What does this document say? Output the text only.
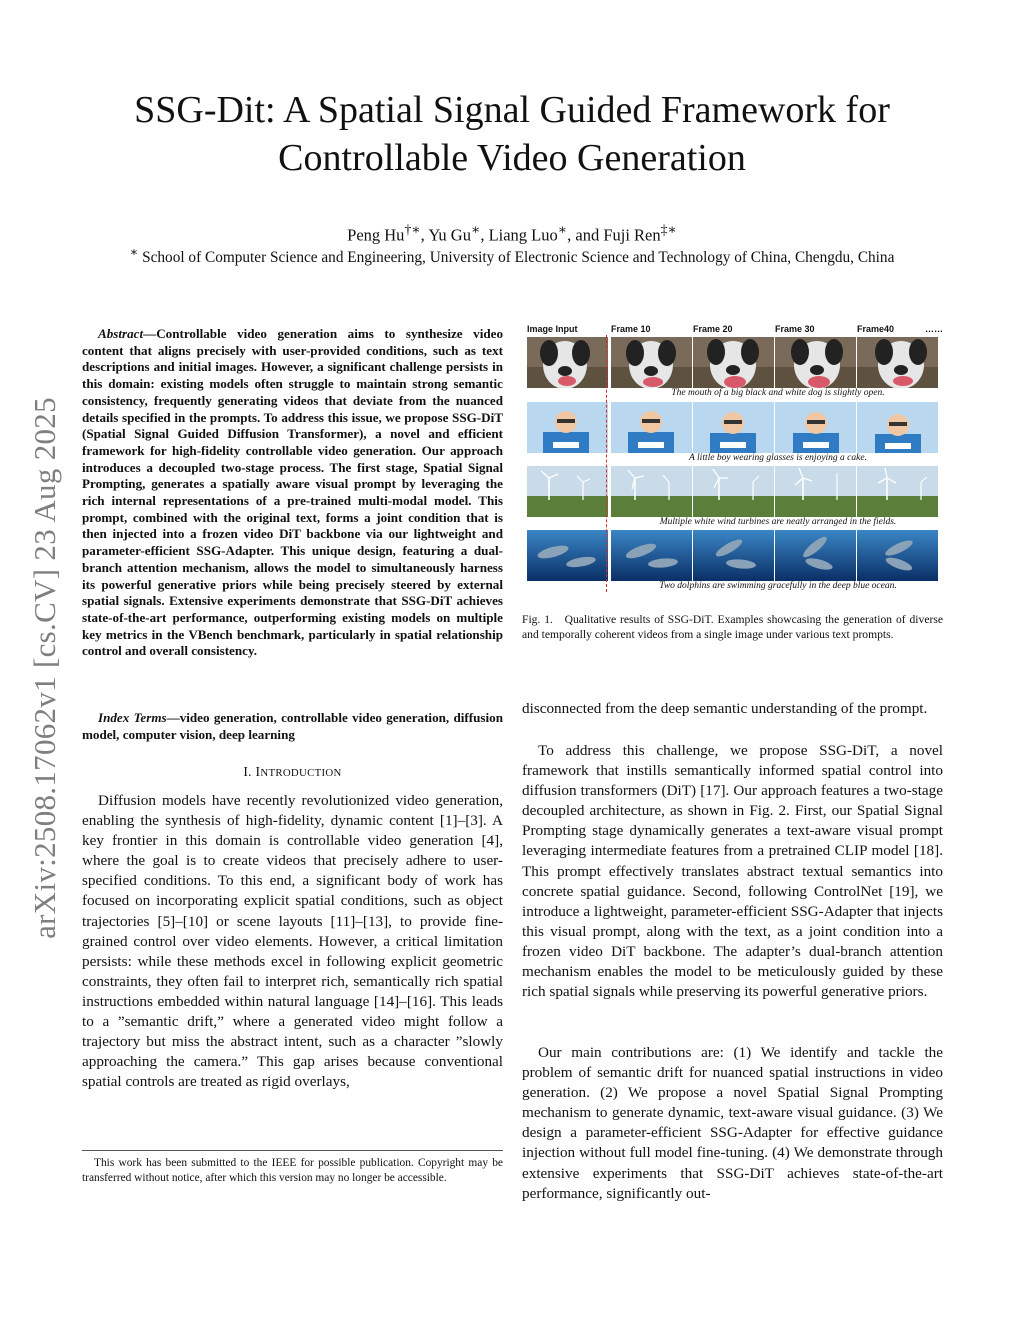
arXiv:2508.17062v1 [cs.CV] 23 Aug 2025
SSG-Dit: A Spatial Signal Guided Framework for
Controllable Video Generation
Peng Hu†∗, Yu Gu∗, Liang Luo∗, and Fuji Ren‡∗
∗ School of Computer Science and Engineering, University of Electronic Science and Technology of China, Chengdu, China

Abstract—Controllable video generation aims to synthesize video content that aligns precisely with user-provided conditions, such as text descriptions and initial images. However, a significant challenge persists in this domain: existing models often struggle to maintain strong semantic consistency, frequently generating videos that deviate from the nuanced details specified in the prompts. To address this issue, we propose SSG-DiT (Spatial Signal Guided Diffusion Transformer), a novel and efficient framework for high-fidelity controllable video generation. Our approach introduces a decoupled two-stage process. The first stage, Spatial Signal Prompting, generates a spatially aware visual prompt by leveraging the rich internal representations of a pre-trained multi-modal model. This prompt, combined with the original text, forms a joint condition that is then injected into a frozen video DiT backbone via our lightweight and parameter-efficient SSG-Adapter. This unique design, featuring a dual-branch attention mechanism, allows the model to simultaneously harness its powerful generative priors while being precisely steered by external spatial signals. Extensive experiments demonstrate that SSG-DiT achieves state-of-the-art performance, outperforming existing models on multiple key metrics in the VBench benchmark, particularly in spatial relationship control and overall consistency.

Index Terms—video generation, controllable video generation, diffusion model, computer vision, deep learning

I. INTRODUCTION

Diffusion models have recently revolutionized video generation, enabling the synthesis of high-fidelity, dynamic content [1]–[3]. A key frontier in this domain is controllable video generation [4], where the goal is to create videos that precisely adhere to user-specified conditions. To this end, a significant body of work has focused on incorporating explicit spatial conditions, such as object trajectories [5]–[10] or scene layouts [11]–[13], to provide fine-grained control over video elements. However, a critical limitation persists: while these methods excel in following explicit geometric constraints, they often fail to interpret rich, semantically rich spatial instructions embedded within natural language [14]–[16]. This leads to a ”semantic drift,” where a generated video might follow a trajectory but miss the abstract intent, such as a character ”slowly approaching the camera.” This gap arises because conventional spatial controls are treated as rigid overlays,

This work has been submitted to the IEEE for possible publication. Copyright may be transferred without notice, after which this version may no longer be accessible.

Image Input	Frame 10	Frame 20	Frame 30	Frame40	……
The mouth of a big black and white dog is slightly open.
A little boy wearing glasses is enjoying a cake.
Multiple white wind turbines are neatly arranged in the fields.
Two dolphins are swimming gracefully in the deep blue ocean.

Fig. 1. Qualitative results of SSG-DiT. Examples showcasing the generation of diverse and temporally coherent videos from a single image under various text prompts.

disconnected from the deep semantic understanding of the prompt.

To address this challenge, we propose SSG-DiT, a novel framework that instills semantically informed spatial control into diffusion transformers (DiT) [17]. Our approach features a two-stage decoupled architecture, as shown in Fig. 2. First, our Spatial Signal Prompting stage dynamically generates a text-aware visual prompt leveraging intermediate features from a pretrained CLIP model [18]. This prompt effectively translates abstract textual semantics into concrete spatial guidance. Second, following ControlNet [19], we introduce a lightweight, parameter-efficient SSG-Adapter that injects this visual prompt, along with the text, as a joint condition into a frozen video DiT backbone. The adapter’s dual-branch attention mechanism enables the model to be meticulously guided by these rich spatial signals while preserving its powerful generative priors.

Our main contributions are: (1) We identify and tackle the problem of semantic drift for nuanced spatial instructions in video generation. (2) We propose a novel Spatial Signal Prompting mechanism to generate dynamic, text-aware visual guidance. (3) We design a parameter-efficient SSG-Adapter for effective guidance injection without full model fine-tuning. (4) We demonstrate through extensive experiments that SSG-DiT achieves state-of-the-art performance, significantly out-
